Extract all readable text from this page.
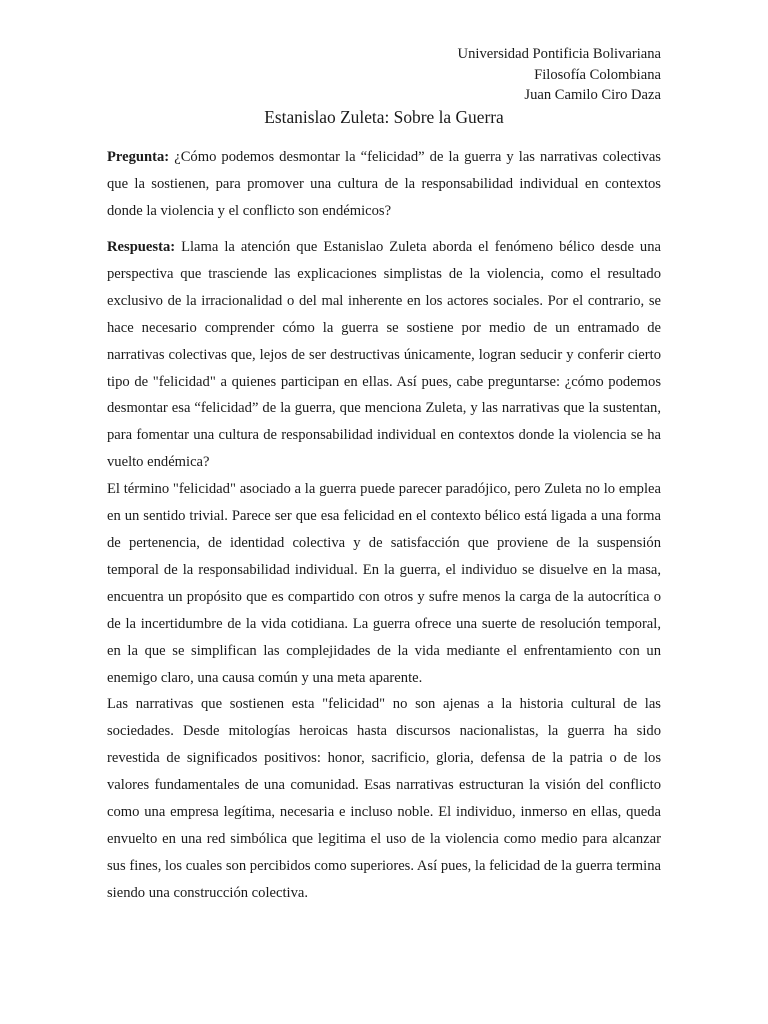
Universidad Pontificia Bolivariana
Filosofía Colombiana
Juan Camilo Ciro Daza
Estanislao Zuleta: Sobre la Guerra

Pregunta: ¿Cómo podemos desmontar la “felicidad” de la guerra y las narrativas colectivas que la sostienen, para promover una cultura de la responsabilidad individual en contextos donde la violencia y el conflicto son endémicos?

Respuesta: Llama la atención que Estanislao Zuleta aborda el fenómeno bélico desde una perspectiva que trasciende las explicaciones simplistas de la violencia, como el resultado exclusivo de la irracionalidad o del mal inherente en los actores sociales. Por el contrario, se hace necesario comprender cómo la guerra se sostiene por medio de un entramado de narrativas colectivas que, lejos de ser destructivas únicamente, logran seducir y conferir cierto tipo de "felicidad" a quienes participan en ellas. Así pues, cabe preguntarse: ¿cómo podemos desmontar esa “felicidad” de la guerra, que menciona Zuleta, y las narrativas que la sustentan, para fomentar una cultura de responsabilidad individual en contextos donde la violencia se ha vuelto endémica?

El término "felicidad" asociado a la guerra puede parecer paradójico, pero Zuleta no lo emplea en un sentido trivial. Parece ser que esa felicidad en el contexto bélico está ligada a una forma de pertenencia, de identidad colectiva y de satisfacción que proviene de la suspensión temporal de la responsabilidad individual. En la guerra, el individuo se disuelve en la masa, encuentra un propósito que es compartido con otros y sufre menos la carga de la autocrítica o de la incertidumbre de la vida cotidiana. La guerra ofrece una suerte de resolución temporal, en la que se simplifican las complejidades de la vida mediante el enfrentamiento con un enemigo claro, una causa común y una meta aparente.

Las narrativas que sostienen esta "felicidad" no son ajenas a la historia cultural de las sociedades. Desde mitologías heroicas hasta discursos nacionalistas, la guerra ha sido revestida de significados positivos: honor, sacrificio, gloria, defensa de la patria o de los valores fundamentales de una comunidad. Esas narrativas estructuran la visión del conflicto como una empresa legítima, necesaria e incluso noble. El individuo, inmerso en ellas, queda envuelto en una red simbólica que legitima el uso de la violencia como medio para alcanzar sus fines, los cuales son percibidos como superiores. Así pues, la felicidad de la guerra termina siendo una construcción colectiva.
